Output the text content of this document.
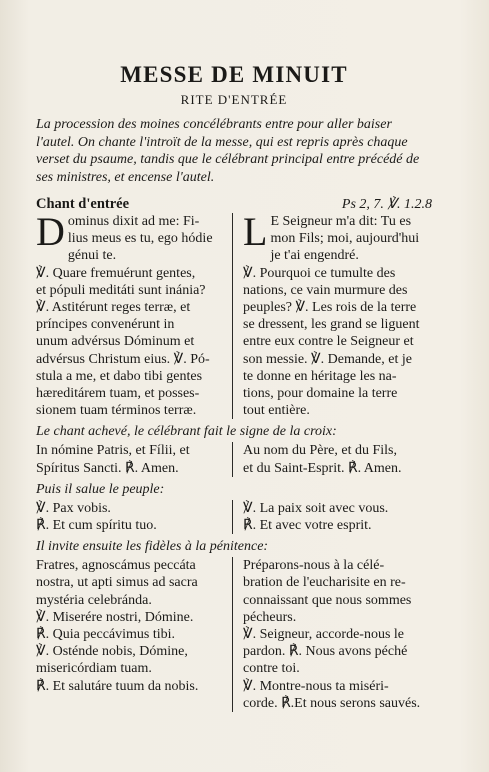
MESSE DE MINUIT
RITE D'ENTRÉE

La procession des moines concélébrants entre pour aller baiser
l'autel. On chante l'introït de la messe, qui est repris après chaque
verset du psaume, tandis que le célébrant principal entre précédé de
ses ministres, et encense l'autel.

Chant d'entrée	Ps 2, 7. ℣. 1.2.8

Dominus dixit ad me: Fi-
lius meus es tu, ego hódie
génui te.
℣. Quare fremuérunt gentes,
et pópuli meditáti sunt inánia?
℣. Astitérunt reges terræ, et
príncipes convenérunt in
unum advérsus Dóminum et
advérsus Christum eius. ℣. Pó-
stula a me, et dabo tibi gentes
hæreditárem tuam, et posses-
sionem tuam términos terræ.

L E Seigneur m'a dit: Tu es
mon Fils; moi, aujourd'hui
je t'ai engendré.
℣. Pourquoi ce tumulte des
nations, ce vain murmure des
peuples? ℣. Les rois de la terre
se dressent, les grand se liguent
entre eux contre le Seigneur et
son messie. ℣. Demande, et je
te donne en héritage les na-
tions, pour domaine la terre
tout entière.

Le chant achevé, le célébrant fait le signe de la croix:

In nómine Patris, et Fílii, et
Spíritus Sancti. ℟. Amen.

Au nom du Père, et du Fils,
et du Saint-Esprit. ℟. Amen.

Puis il salue le peuple:

℣. Pax vobis.
℟. Et cum spíritu tuo.

℣. La paix soit avec vous.
℟. Et avec votre esprit.

Il invite ensuite les fidèles à la pénitence:

Fratres, agnoscámus peccáta
nostra, ut apti simus ad sacra
mystéria celebránda.
℣. Miserére nostri, Dómine.
℟. Quia peccávimus tibi.
℣. Osténde nobis, Dómine,
misericórdiam tuam.
℟. Et salutáre tuum da nobis.

Préparons-nous à la célé-
bration de l'eucharisite en re-
connaissant que nous sommes
pécheurs.
℣. Seigneur, accorde-nous le
pardon. ℟. Nous avons péché
contre toi.
℣. Montre-nous ta miséri-
corde. ℟.Et nous serons sauvés.
